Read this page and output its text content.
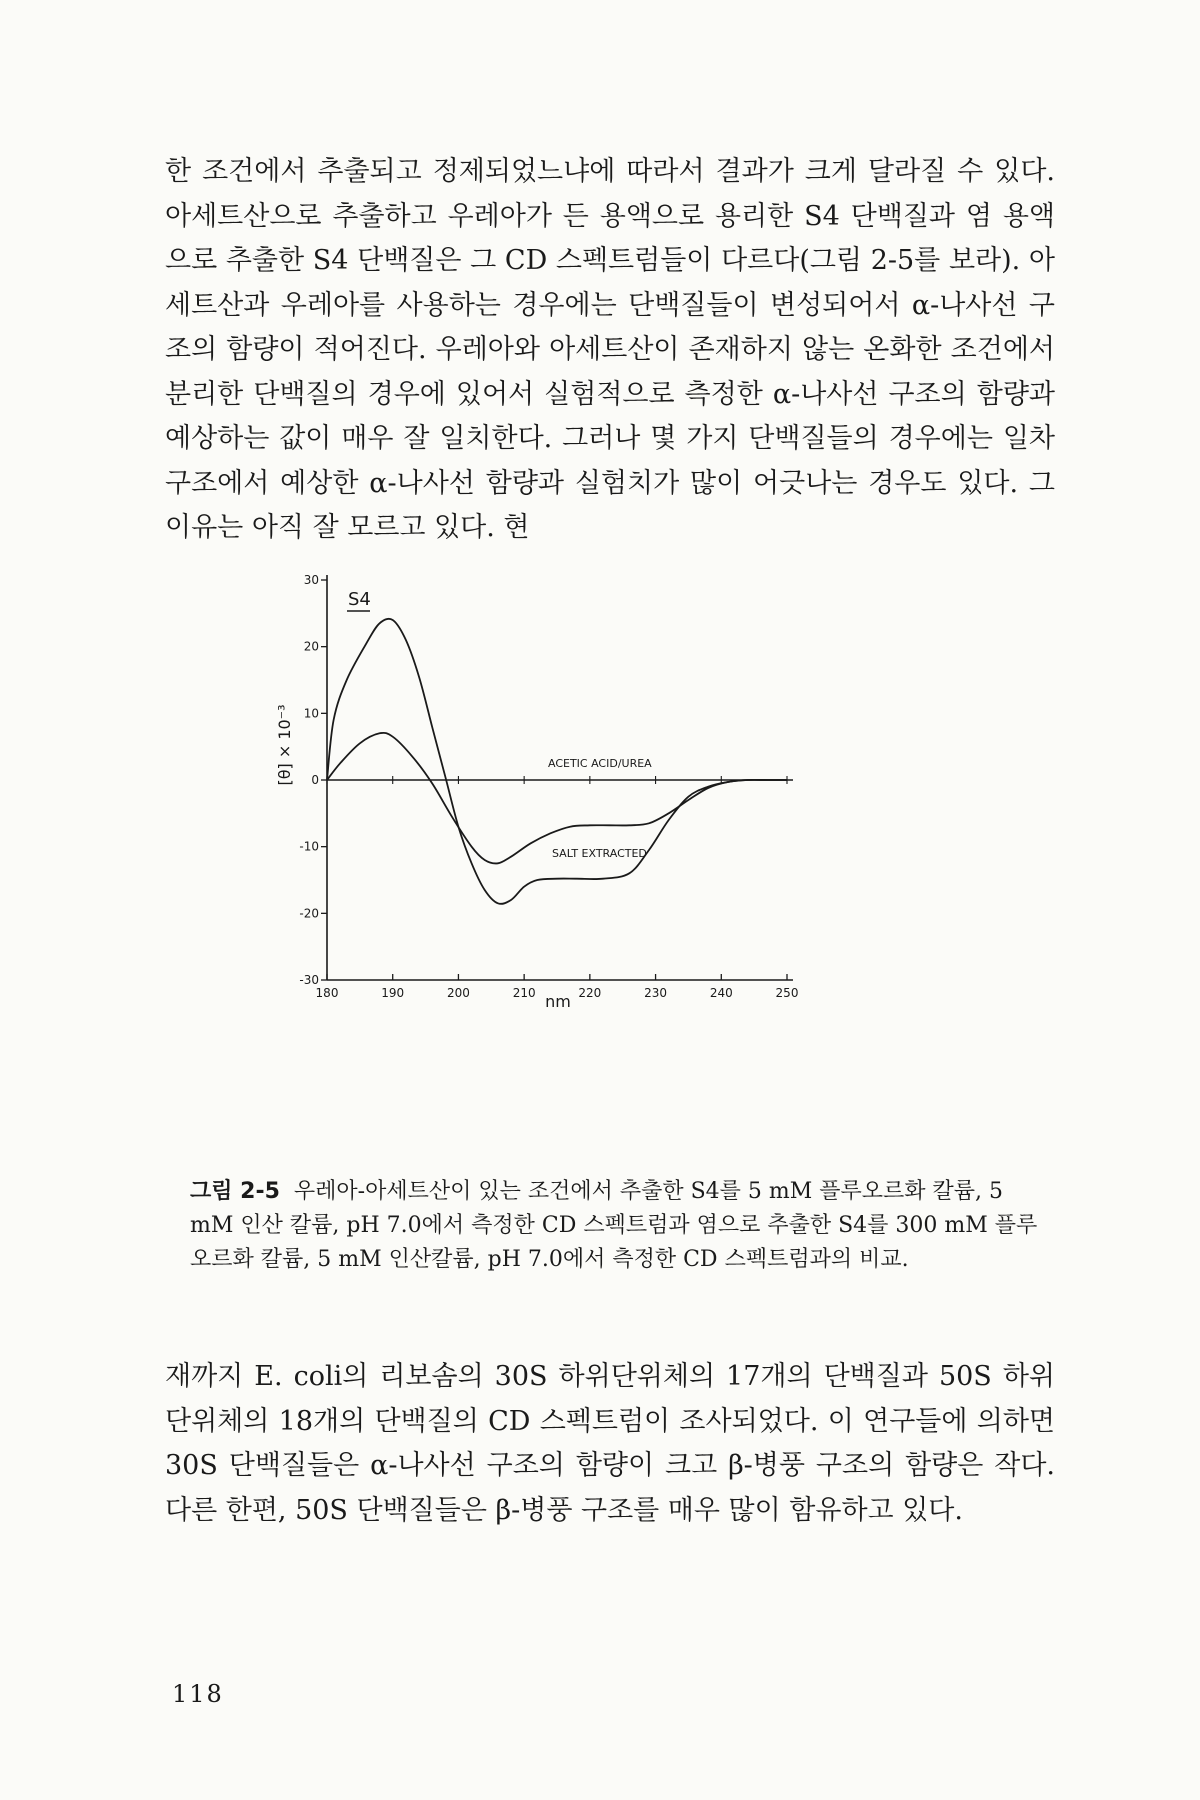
한 조건에서 추출되고 정제되었느냐에 따라서 결과가 크게 달라질 수 있다. 아세트산으로 추출하고 우레아가 든 용액으로 용리한 S4 단백질과 염 용액으로 추출한 S4 단백질은 그 CD 스펙트럼들이 다르다(그림 2-5를 보라). 아세트산과 우레아를 사용하는 경우에는 단백질들이 변성되어서 α-나사선 구조의 함량이 적어진다. 우레아와 아세트산이 존재하지 않는 온화한 조건에서 분리한 단백질의 경우에 있어서 실험적으로 측정한 α-나사선 구조의 함량과 예상하는 값이 매우 잘 일치한다. 그러나 몇 가지 단백질들의 경우에는 일차구조에서 예상한 α-나사선 함량과 실험치가 많이 어긋나는 경우도 있다. 그 이유는 아직 잘 모르고 있다. 현

30
20
10
0
-10
-20
-30
180	190	200	210	220	230	240	250
S4
[θ] × 10⁻³
nm
ACETIC ACID/UREA
SALT EXTRACTED

그림 2-5 우레아-아세트산이 있는 조건에서 추출한 S4를 5 mM 플루오르화 칼륨, 5 mM 인산 칼륨, pH 7.0에서 측정한 CD 스펙트럼과 염으로 추출한 S4를 300 mM 플루오르화 칼륨, 5 mM 인산칼륨, pH 7.0에서 측정한 CD 스펙트럼과의 비교.

재까지 E. coli의 리보솜의 30S 하위단위체의 17개의 단백질과 50S 하위단위체의 18개의 단백질의 CD 스펙트럼이 조사되었다. 이 연구들에 의하면 30S 단백질들은 α-나사선 구조의 함량이 크고 β-병풍 구조의 함량은 작다. 다른 한편, 50S 단백질들은 β-병풍 구조를 매우 많이 함유하고 있다.

118
